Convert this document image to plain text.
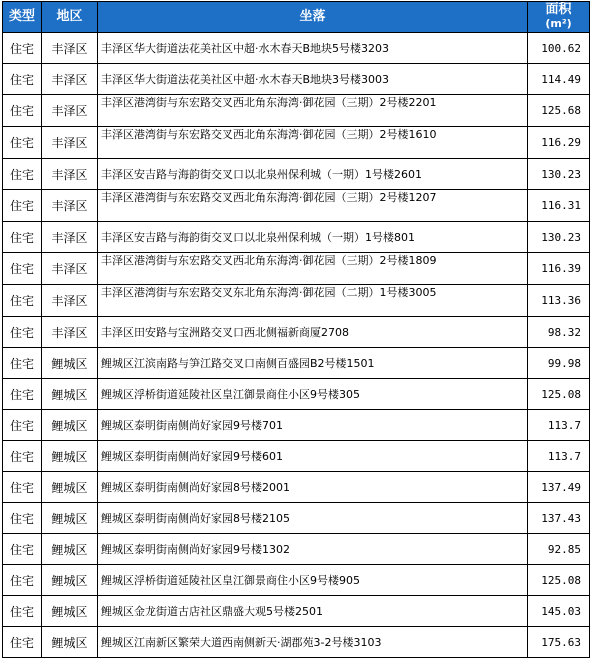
类型	地区	坐落	面积
(m²)

住宅	丰泽区	丰泽区华大街道法花美社区中超·水木春天B地块5号楼3203	100.62
住宅	丰泽区	丰泽区华大街道法花美社区中超·水木春天B地块3号楼3003	114.49
住宅	丰泽区	丰泽区港湾街与东宏路交叉西北角东海湾·御花园（三期）2号楼2201	125.68
住宅	丰泽区	丰泽区港湾街与东宏路交叉西北角东海湾·御花园（三期）2号楼1610	116.29
住宅	丰泽区	丰泽区安吉路与海韵街交叉口以北泉州保利城（一期）1号楼2601	130.23
住宅	丰泽区	丰泽区港湾街与东宏路交叉西北角东海湾·御花园（三期）2号楼1207	116.31
住宅	丰泽区	丰泽区安吉路与海韵街交叉口以北泉州保利城（一期）1号楼801	130.23
住宅	丰泽区	丰泽区港湾街与东宏路交叉西北角东海湾·御花园（三期）2号楼1809	116.39
住宅	丰泽区	丰泽区港湾街与东宏路交叉东北角东海湾·御花园（二期）1号楼3005	113.36
住宅	丰泽区	丰泽区田安路与宝洲路交叉口西北侧福新商厦2708	98.32
住宅	鲤城区	鲤城区江滨南路与笋江路交叉口南侧百盛园B2号楼1501	99.98
住宅	鲤城区	鲤城区浮桥街道延陵社区皇江御景商住小区9号楼305	125.08
住宅	鲤城区	鲤城区泰明街南侧尚好家园9号楼701	113.7
住宅	鲤城区	鲤城区泰明街南侧尚好家园9号楼601	113.7
住宅	鲤城区	鲤城区泰明街南侧尚好家园8号楼2001	137.49
住宅	鲤城区	鲤城区泰明街南侧尚好家园8号楼2105	137.43
住宅	鲤城区	鲤城区泰明街南侧尚好家园9号楼1302	92.85
住宅	鲤城区	鲤城区浮桥街道延陵社区皇江御景商住小区9号楼905	125.08
住宅	鲤城区	鲤城区金龙街道古店社区鼎盛大观5号楼2501	145.03
住宅	鲤城区	鲤城区江南新区繁荣大道西南侧新天·湖郡苑3-2号楼3103	175.63
